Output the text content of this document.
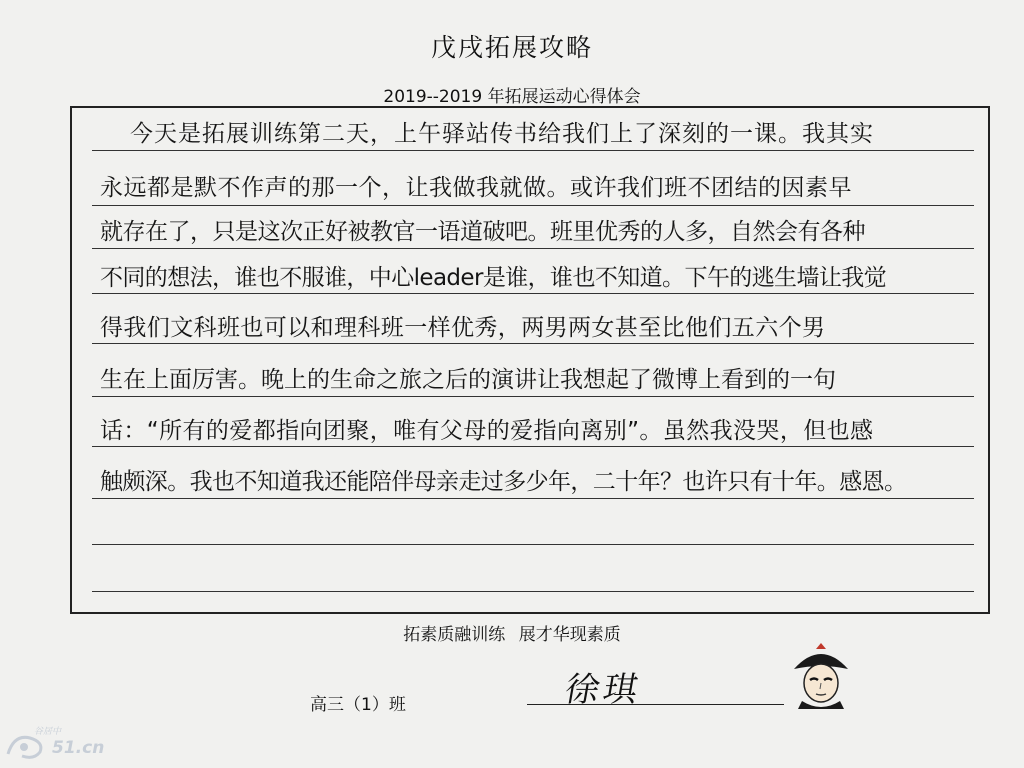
戊戌拓展攻略
2019--2019 年拓展运动心得体会
今天是拓展训练第二天，上午驿站传书给我们上了深刻的一课。我其实
永远都是默不作声的那一个，让我做我就做。或许我们班不团结的因素早
就存在了，只是这次正好被教官一语道破吧。班里优秀的人多，自然会有各种
不同的想法，谁也不服谁，中心leader是谁，谁也不知道。下午的逃生墙让我觉
得我们文科班也可以和理科班一样优秀，两男两女甚至比他们五六个男
生在上面厉害。晚上的生命之旅之后的演讲让我想起了微博上看到的一句
话：“所有的爱都指向团聚，唯有父母的爱指向离别”。虽然我没哭，但也感
触颇深。我也不知道我还能陪伴母亲走过多少年，二十年？也许只有十年。感恩。
拓素质融训练 展才华现素质
高三（1）班	徐琪
谷居中
51.cn
